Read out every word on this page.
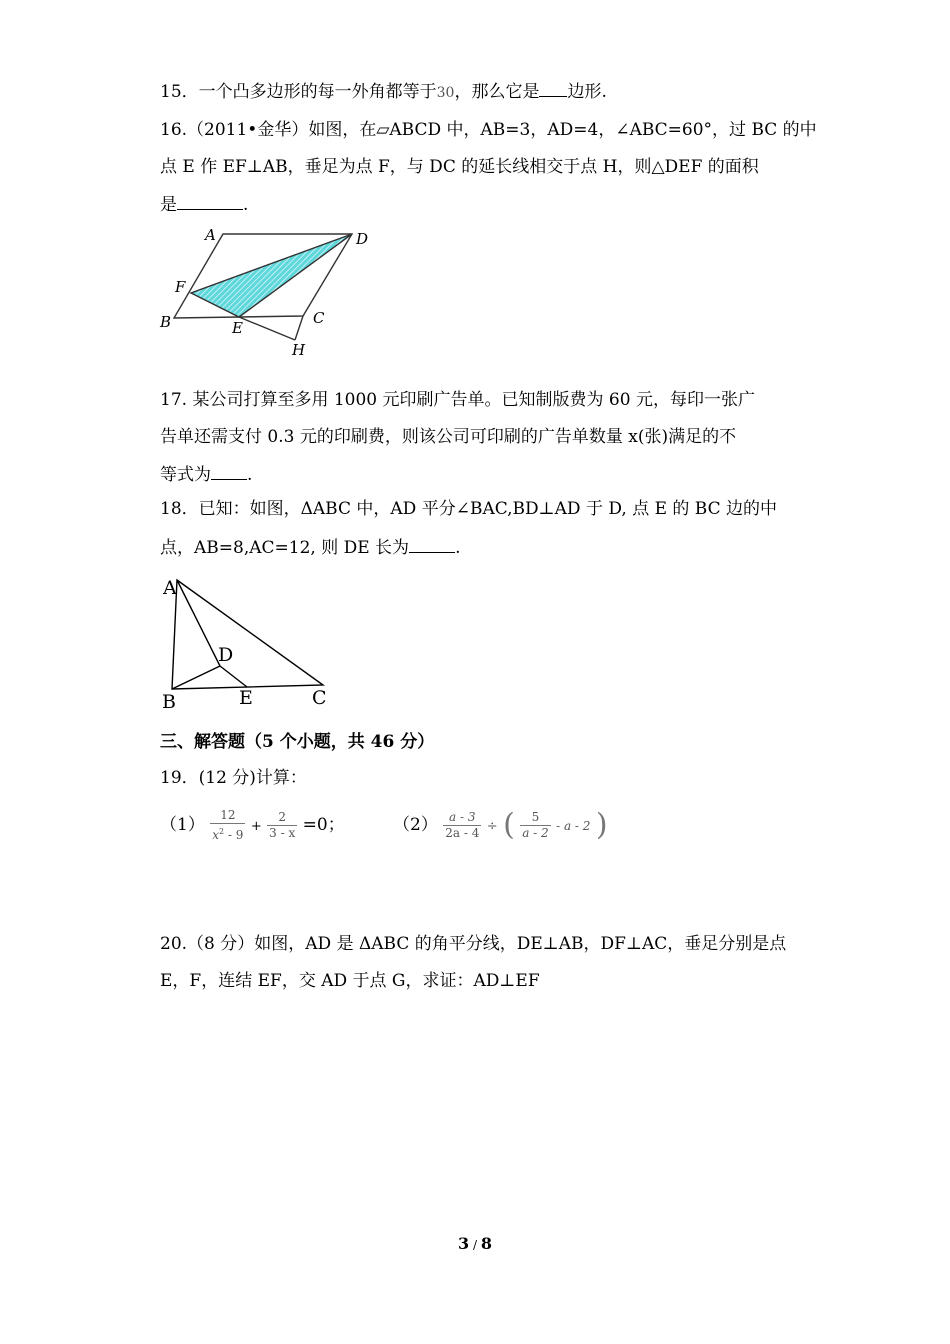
15．一个凸多边形的每一外角都等于30，那么它是 边形.
16.（2011•金华）如图，在▱ABCD 中，AB=3，AD=4，∠ABC=60°，过 BC 的中
点 E 作 EF⊥AB，垂足为点 F，与 DC 的延长线相交于点 H，则△DEF 的面积
是	.
A	D
F
B	E
C
H
17. 某公司打算至多用 1000 元印刷广告单。已知制版费为 60 元，每印一张广
告单还需支付 0.3 元的印刷费，则该公司可印刷的广告单数量 x(张)满足的不
等式为 .
18．已知：如图，ΔABC 中，AD 平分∠BAC,BD⊥AD 于 D, 点 E 的 BC 边的中
点，AB=8,AC=12, 则 DE 长为	.
A
D
B	E	C
三、解答题（5 个小题，共 46 分）
19．(12 分)计算：
$(1) \frac{12}{x^2 - 9} + \frac{2}{3 - x} =0$；	$(2) \frac{a - 3}{2a - 4}$ ÷ ( $\frac{5}{a - 2}$ - a - 2 )
20.（8 分）如图，AD 是 ΔABC 的角平分线，DE⊥AB，DF⊥AC，垂足分别是点
E，F，连结 EF，交 AD 于点 G，求证：AD⊥EF
3 / 8
